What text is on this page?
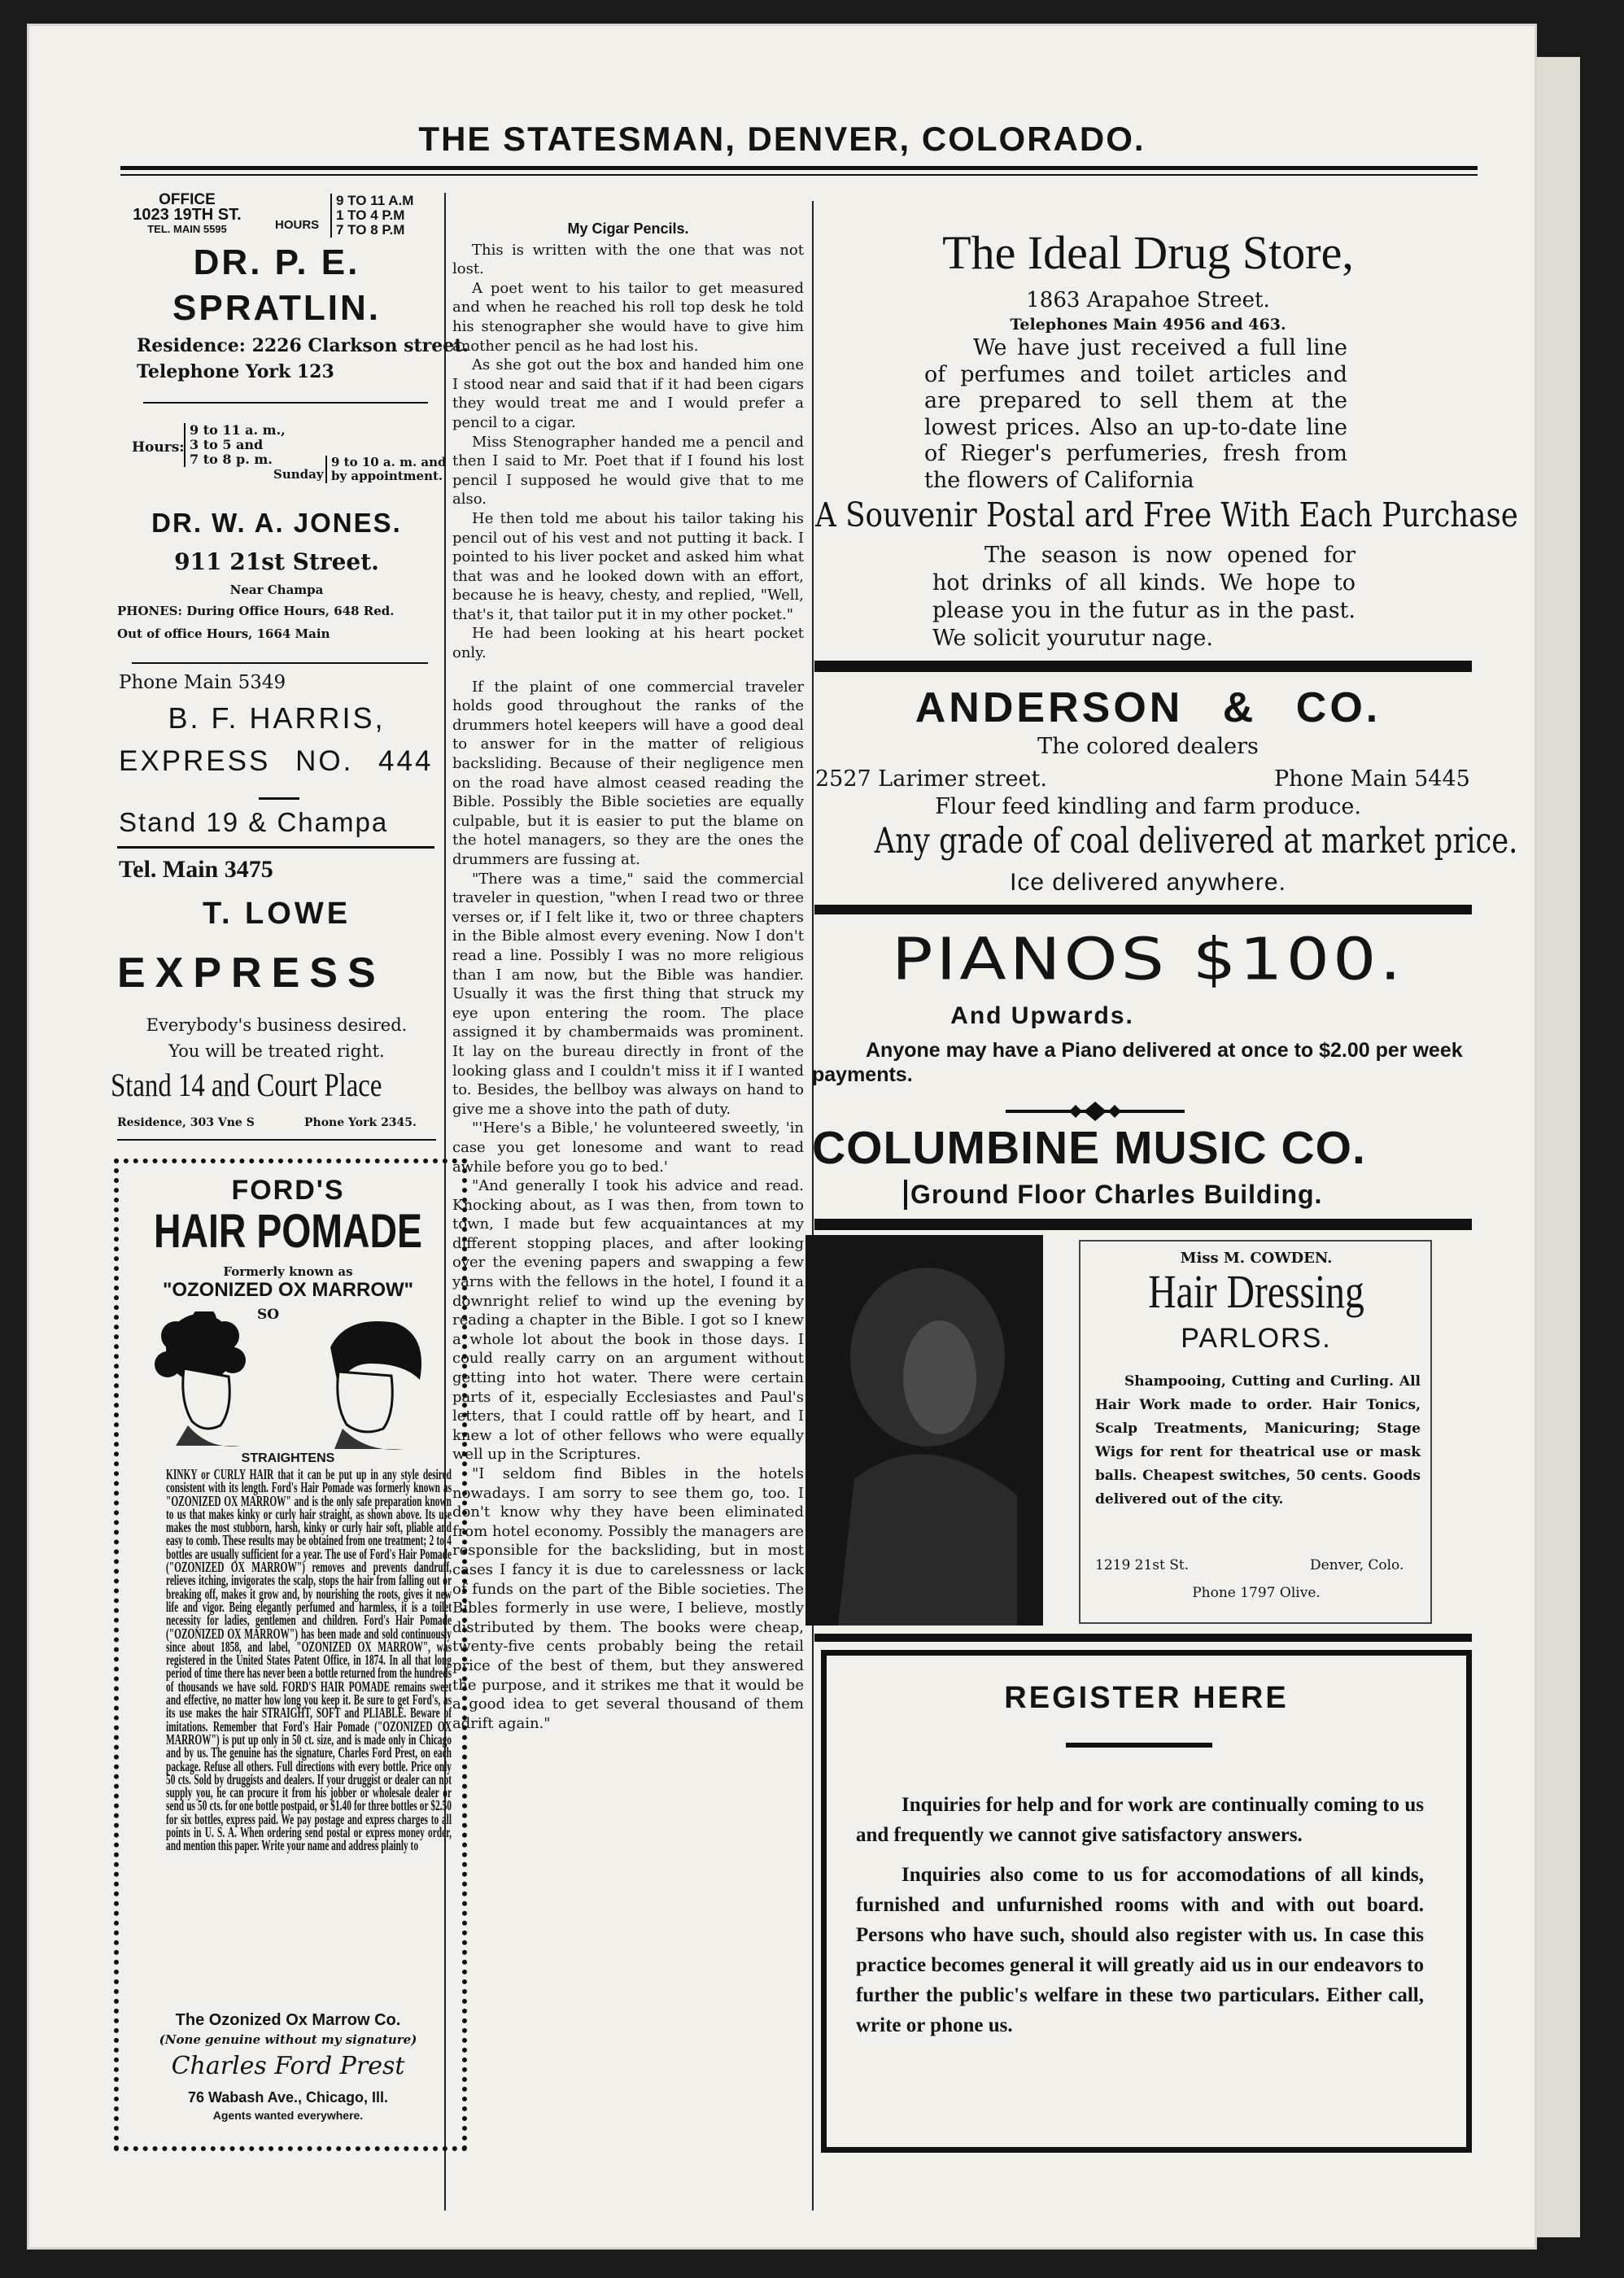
THE STATESMAN, DENVER, COLORADO.
OFFICE
1023 19TH ST.
TEL. MAIN 5595	HOURS
9 TO 11 A.M
1 TO 4 P.M
7 TO 8 P.M
DR. P. E.
SPRATLIN.
Residence: 2226 Clarkson street.
Telephone York 123
Hours:
9 to 11 a. m.,
3 to 5 and
7 to 8 p. m.
Sunday
9 to 10 a. m. and
by appointment.
DR. W. A. JONES.
911 21st Street.
Near Champa
PHONES: During Office Hours, 648 Red.
Out of office Hours, 1664 Main
Phone Main 5349
B. F. HARRIS,
EXPRESS NO. 444
Stand 19 & Champa
Tel. Main 3475
T. LOWE
EXPRESS
Everybody's business desired.
You will be treated right.
Stand 14 and Court Place
Residence, 303 Vne S	Phone York 2345.
FORD'S
HAIR POMADE
Formerly known as
"OZONIZED OX MARROW"
SO
STRAIGHTENS
KINKY or CURLY HAIR that it can be put up in any style desired consistent with its length. Ford's Hair Pomade was formerly known as "OZONIZED OX MARROW" and is the only safe preparation known to us that makes kinky or curly hair straight, as shown above. Its use makes the most stubborn, harsh, kinky or curly hair soft, pliable and easy to comb. These results may be obtained from one treatment; 2 to 4 bottles are usually sufficient for a year. The use of Ford's Hair Pomade ("OZONIZED OX MARROW") removes and prevents dandruff, relieves itching, invigorates the scalp, stops the hair from falling out or breaking off, makes it grow and, by nourishing the roots, gives it new life and vigor. Being elegantly perfumed and harmless, it is a toilet necessity for ladies, gentlemen and children. Ford's Hair Pomade ("OZONIZED OX MARROW") has been made and sold continuously since about 1858, and label, "OZONIZED OX MARROW", was registered in the United States Patent Office, in 1874. In all that long period of time there has never been a bottle returned from the hundreds of thousands we have sold. FORD'S HAIR POMADE remains sweet and effective, no matter how long you keep it. Be sure to get Ford's, as its use makes the hair STRAIGHT, SOFT and PLIABLE. Beware of imitations. Remember that Ford's Hair Pomade ("OZONIZED OX MARROW") is put up only in 50 ct. size, and is made only in Chicago and by us. The genuine has the signature, Charles Ford Prest, on each package. Refuse all others. Full directions with every bottle. Price only 50 cts. Sold by druggists and dealers. If your druggist or dealer can not supply you, he can procure it from his jobber or wholesale dealer or send us 50 cts. for one bottle postpaid, or $1.40 for three bottles or $2.50 for six bottles, express paid. We pay postage and express charges to all points in U. S. A. When ordering send postal or express money order, and mention this paper. Write your name and address plainly to
The Ozonized Ox Marrow Co.
(None genuine without my signature)
Charles Ford Prest
76 Wabash Ave., Chicago, Ill.
Agents wanted everywhere.
My Cigar Pencils.

This is written with the one that was not lost.

A poet went to his tailor to get measured and when he reached his roll top desk he told his stenographer she would have to give him another pencil as he had lost his.

As she got out the box and handed him one I stood near and said that if it had been cigars they would treat me and I would prefer a pencil to a cigar.

Miss Stenographer handed me a pencil and then I said to Mr. Poet that if I found his lost pencil I supposed he would give that to me also.

He then told me about his tailor taking his pencil out of his vest and not putting it back. I pointed to his liver pocket and asked him what that was and he looked down with an effort, because he is heavy, chesty, and replied, "Well, that's it, that tailor put it in my other pocket."

He had been looking at his heart pocket only.

If the plaint of one commercial traveler holds good throughout the ranks of the drummers hotel keepers will have a good deal to answer for in the matter of religious backsliding. Because of their negligence men on the road have almost ceased reading the Bible. Possibly the Bible societies are equally culpable, but it is easier to put the blame on the hotel managers, so they are the ones the drummers are fussing at.

"There was a time," said the commercial traveler in question, "when I read two or three verses or, if I felt like it, two or three chapters in the Bible almost every evening. Now I don't read a line. Possibly I was no more religious than I am now, but the Bible was handier. Usually it was the first thing that struck my eye upon entering the room. The place assigned it by chambermaids was prominent. It lay on the bureau directly in front of the looking glass and I couldn't miss it if I wanted to. Besides, the bellboy was always on hand to give me a shove into the path of duty.

"'Here's a Bible,' he volunteered sweetly, 'in case you get lonesome and want to read awhile before you go to bed.'

"And generally I took his advice and read. Knocking about, as I was then, from town to town, I made but few acquaintances at my different stopping places, and after looking over the evening papers and swapping a few yarns with the fellows in the hotel, I found it a downright relief to wind up the evening by reading a chapter in the Bible. I got so I knew a whole lot about the book in those days. I could really carry on an argument without getting into hot water. There were certain parts of it, especially Ecclesiastes and Paul's letters, that I could rattle off by heart, and I knew a lot of other fellows who were equally well up in the Scriptures.

"I seldom find Bibles in the hotels nowadays. I am sorry to see them go, too. I don't know why they have been eliminated from hotel economy. Possibly the managers are responsible for the backsliding, but in most cases I fancy it is due to carelessness or lack of funds on the part of the Bible societies. The Bibles formerly in use were, I believe, mostly distributed by them. The books were cheap, twenty-five cents probably being the retail price of the best of them, but they answered the purpose, and it strikes me that it would be a good idea to get several thousand of them adrift again."

The Ideal Drug Store,
1863 Arapahoe Street.
Telephones Main 4956 and 463.
We have just received a full line of perfumes and toilet articles and are prepared to sell them at the lowest prices. Also an up-to-date line of Rieger's perfumeries, fresh from the flowers of California
A Souvenir Postal ard Free With Each Purchase
The season is now opened for hot drinks of all kinds. We hope to please you in the futur as in the past. We solicit yourutur nage.
ANDERSON & CO.
The colored dealers
2527 Larimer street.	Phone Main 5445
Flour feed kindling and farm produce.
Any grade of coal delivered at market price.
Ice delivered anywhere.
PIANOS $100.
And Upwards.
Anyone may have a Piano delivered at once to $2.00 per week payments.
COLUMBINE MUSIC CO.
Ground Floor Charles Building.
Miss M. COWDEN.
Hair Dressing
PARLORS.
Shampooing, Cutting and Curling. All Hair Work made to order. Hair Tonics, Scalp Treatments, Manicuring; Stage Wigs for rent for theatrical use or mask balls. Cheapest switches, 50 cents. Goods delivered out of the city.
1219 21st St.	Denver, Colo.
Phone 1797 Olive.
REGISTER HERE

Inquiries for help and for work are continually coming to us and frequently we cannot give satisfactory answers.

Inquiries also come to us for accomodations of all kinds, furnished and unfurnished rooms with and with out board. Persons who have such, should also register with us. In case this practice becomes general it will greatly aid us in our endeavors to further the public's welfare in these two particulars. Either call, write or phone us.
